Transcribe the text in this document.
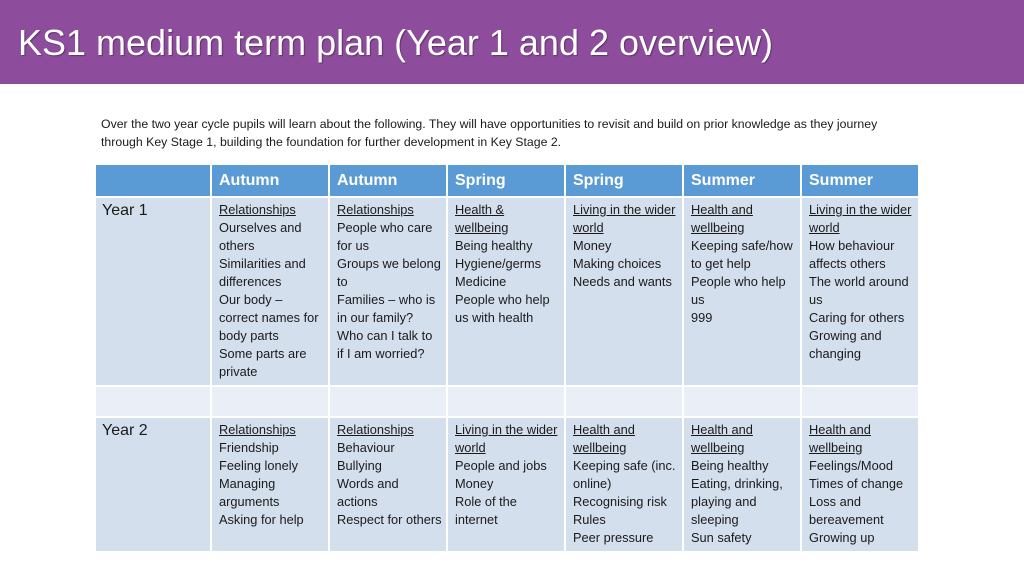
KS1 medium term plan (Year 1 and 2 overview)

Over the two year cycle pupils will learn about the following. They will have opportunities to revisit and build on prior knowledge as they journey through Key Stage 1, building the foundation for further development in Key Stage 2.

	Autumn	Autumn	Spring	Spring	Summer	Summer
Year 1	Relationships
Ourselves and others
Similarities and differences
Our body – correct names for body parts
Some parts are private	Relationships
People who care for us
Groups we belong to
Families – who is in our family?
Who can I talk to if I am worried?	Health & wellbeing
Being healthy
Hygiene/germs
Medicine
People who help us with health	Living in the wider world
Money
Making choices
Needs and wants	Health and wellbeing
Keeping safe/how to get help
People who help us
999	Living in the wider world
How behaviour affects others
The world around us
Caring for others
Growing and changing

Year 2	Relationships
Friendship
Feeling lonely
Managing arguments
Asking for help	Relationships
Behaviour
Bullying
Words and actions
Respect for others	Living in the wider world
People and jobs
Money
Role of the internet	Health and wellbeing
Keeping safe (inc. online)
Recognising risk
Rules
Peer pressure	Health and wellbeing
Being healthy
Eating, drinking, playing and sleeping
Sun safety	Health and wellbeing
Feelings/Mood
Times of change
Loss and bereavement
Growing up
